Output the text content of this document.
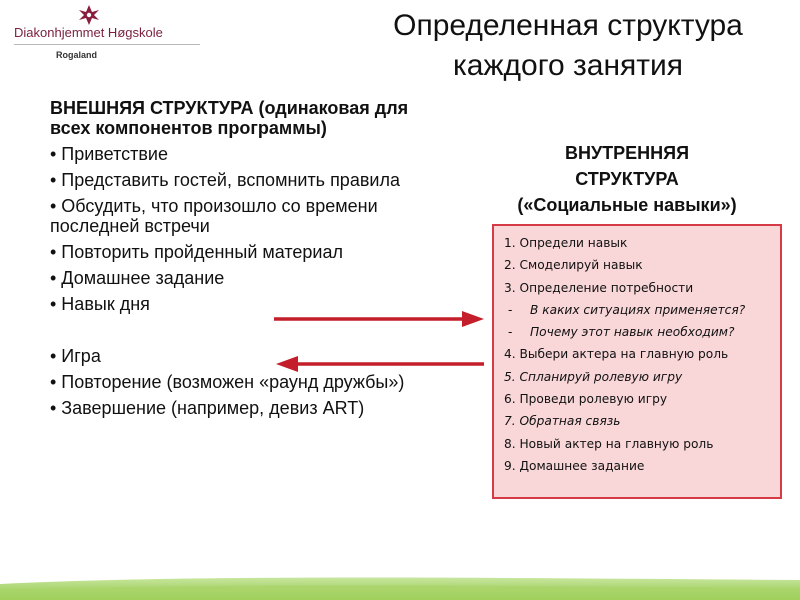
Diakonhjemmet Høgskole
Rogaland
Определенная структура
каждого занятия
ВНЕШНЯЯ СТРУКТУРА (одинаковая для
всех компонентов программы)
• Приветствие
• Представить гостей, вспомнить правила
• Обсудить, что произошло со времени последней встречи
• Повторить пройденный материал
• Домашнее задание
• Навык дня
• Игра
• Повторение (возможен «раунд дружбы»)
• Завершение (например, девиз ART)
ВНУТРЕННЯЯ
СТРУКТУРА
(«Социальные навыки»)
1. Определи навык
2. Смоделируй навык
3. Определение потребности
- В каких ситуациях применяется?
- Почему этот навык необходим?
4. Выбери актера на главную роль
5. Спланируй ролевую игру
6. Проведи ролевую игру
7. Обратная связь
8. Новый актер на главную роль
9. Домашнее задание
